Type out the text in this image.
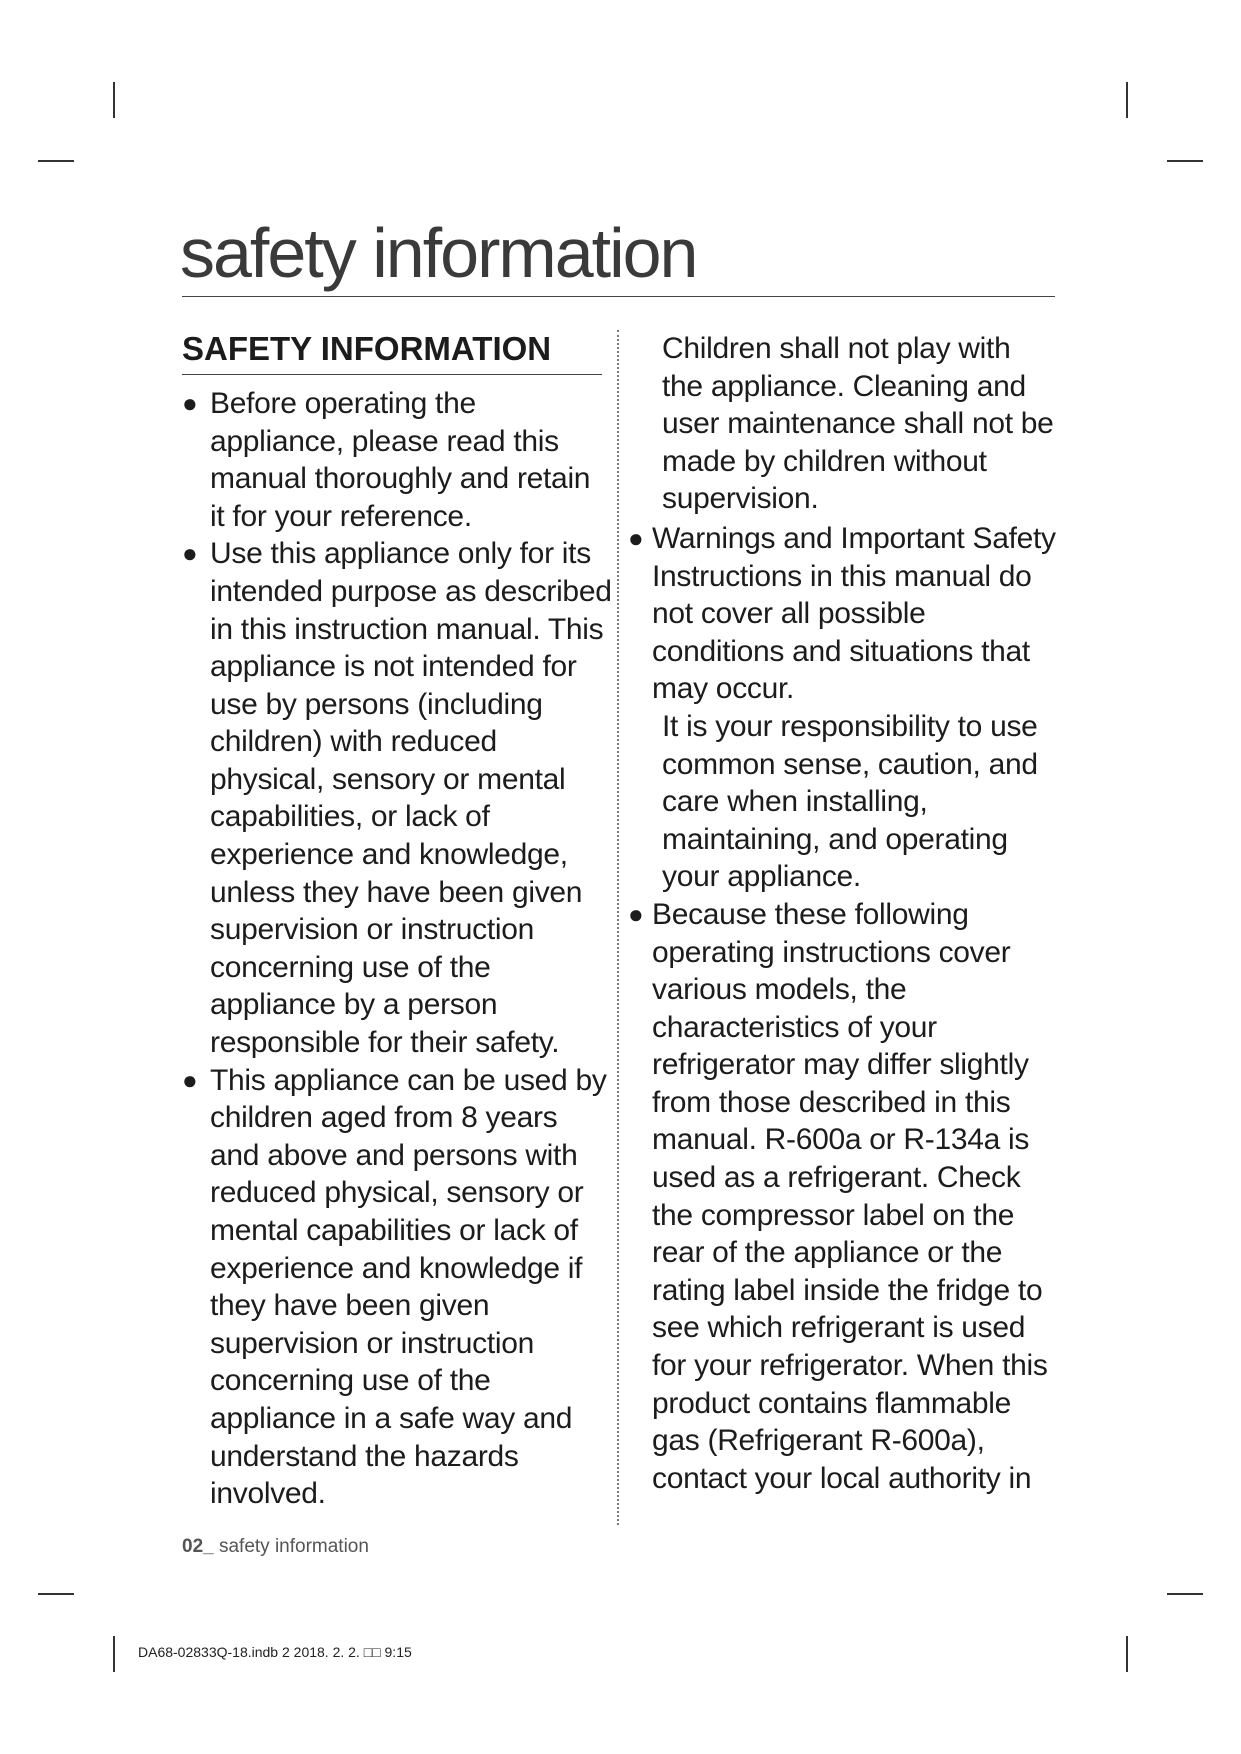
safety information
SAFETY INFORMATION
● Before operating the appliance, please read this manual thoroughly and retain it for your reference.
● Use this appliance only for its intended purpose as described in this instruction manual. This appliance is not intended for use by persons (including children) with reduced physical, sensory or mental capabilities, or lack of experience and knowledge, unless they have been given supervision or instruction concerning use of the appliance by a person responsible for their safety.
● This appliance can be used by children aged from 8 years and above and persons with reduced physical, sensory or mental capabilities or lack of experience and knowledge if they have been given supervision or instruction concerning use of the appliance in a safe way and understand the hazards involved.

Children shall not play with the appliance. Cleaning and user maintenance shall not be made by children without supervision.

● Warnings and Important Safety Instructions in this manual do not cover all possible conditions and situations that may occur.
It is your responsibility to use common sense, caution, and care when installing, maintaining, and operating your appliance.
● Because these following operating instructions cover various models, the characteristics of your refrigerator may differ slightly from those described in this manual. R-600a or R-134a is used as a refrigerant. Check the compressor label on the rear of the appliance or the rating label inside the fridge to see which refrigerant is used for your refrigerator. When this product contains flammable gas (Refrigerant R-600a), contact your local authority in
02_ safety information
DA68-02833Q-18.indb 2 2018. 2. 2. □□ 9:15
